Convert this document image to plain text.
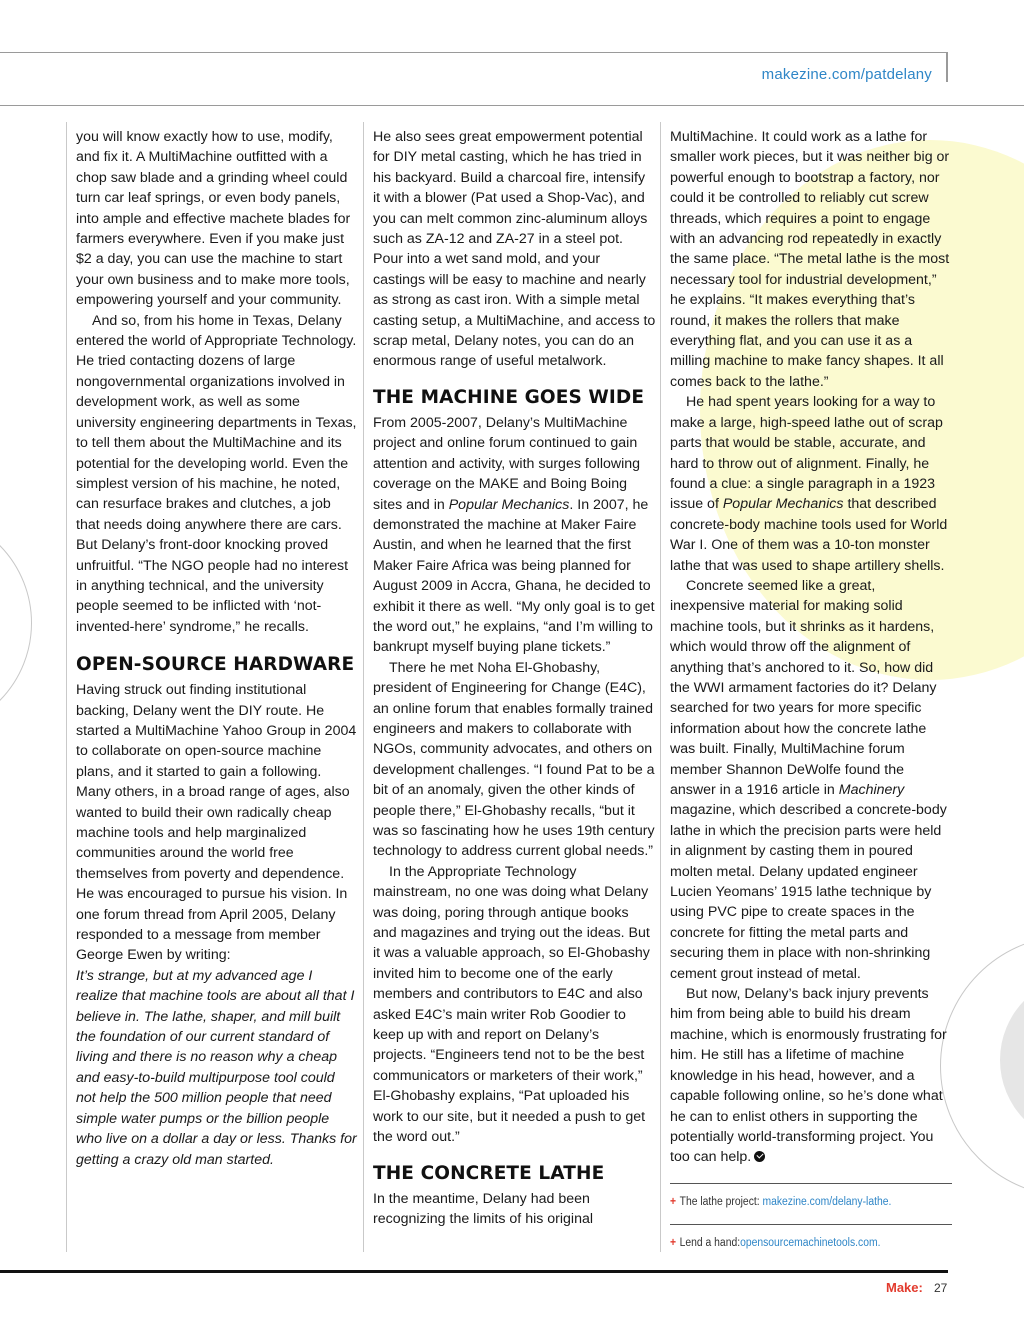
makezine.com/patdelany

you will know exactly how to use, modify, and fix it. A MultiMachine outfitted with a chop saw blade and a grinding wheel could turn car leaf springs, or even body panels, into ample and effective machete blades for farmers everywhere. Even if you make just $2 a day, you can use the machine to start your own business and to make more tools, empowering yourself and your community.

And so, from his home in Texas, Delany entered the world of Appropriate Technology. He tried contacting dozens of large nongovernmental organizations involved in development work, as well as some university engineering departments in Texas, to tell them about the MultiMachine and its potential for the developing world. Even the simplest version of his machine, he noted, can resurface brakes and clutches, a job that needs doing anywhere there are cars. But Delany’s front-door knocking proved unfruitful. “The NGO people had no interest in anything technical, and the university people seemed to be inflicted with ‘not-invented-here’ syndrome,” he recalls.

OPEN-SOURCE HARDWARE

Having struck out finding institutional backing, Delany went the DIY route. He started a MultiMachine Yahoo Group in 2004 to collaborate on open-source machine plans, and it started to gain a following. Many others, in a broad range of ages, also wanted to build their own radically cheap machine tools and help marginalized communities around the world free themselves from poverty and dependence. He was encouraged to pursue his vision. In one forum thread from April 2005, Delany responded to a message from member George Ewen by writing:

It’s strange, but at my advanced age I realize that machine tools are about all that I believe in. The lathe, shaper, and mill built the foundation of our current standard of living and there is no reason why a cheap and easy-to-build multipurpose tool could not help the 500 million people that need simple water pumps or the billion people who live on a dollar a day or less. Thanks for getting a crazy old man started.

He also sees great empowerment potential for DIY metal casting, which he has tried in his backyard. Build a charcoal fire, intensify it with a blower (Pat used a Shop-Vac), and you can melt common zinc-aluminum alloys such as ZA-12 and ZA-27 in a steel pot. Pour into a wet sand mold, and your castings will be easy to machine and nearly as strong as cast iron. With a simple metal casting setup, a MultiMachine, and access to scrap metal, Delany notes, you can do an enormous range of useful metalwork.

THE MACHINE GOES WIDE

From 2005-2007, Delany’s MultiMachine project and online forum continued to gain attention and activity, with surges following coverage on the MAKE and Boing Boing sites and in Popular Mechanics. In 2007, he demonstrated the machine at Maker Faire Austin, and when he learned that the first Maker Faire Africa was being planned for August 2009 in Accra, Ghana, he decided to exhibit it there as well. “My only goal is to get the word out,” he explains, “and I’m willing to bankrupt myself buying plane tickets.”

There he met Noha El-Ghobashy, president of Engineering for Change (E4C), an online forum that enables formally trained engineers and makers to collaborate with NGOs, community advocates, and others on development challenges. “I found Pat to be a bit of an anomaly, given the other kinds of people there,” El-Ghobashy recalls, “but it was so fascinating how he uses 19th century technology to address current global needs.”

In the Appropriate Technology mainstream, no one was doing what Delany was doing, poring through antique books and magazines and trying out the ideas. But it was a valuable approach, so El-Ghobashy invited him to become one of the early members and contributors to E4C and also asked E4C’s main writer Rob Goodier to keep up with and report on Delany’s projects. “Engineers tend not to be the best communicators or marketers of their work,” El-Ghobashy explains, “Pat uploaded his work to our site, but it needed a push to get the word out.”

THE CONCRETE LATHE

In the meantime, Delany had been recognizing the limits of his original

MultiMachine. It could work as a lathe for smaller work pieces, but it was neither big or powerful enough to bootstrap a factory, nor could it be controlled to reliably cut screw threads, which requires a point to engage with an advancing rod repeatedly in exactly the same place. “The metal lathe is the most necessary tool for industrial development,” he explains. “It makes everything that’s round, it makes the rollers that make everything flat, and you can use it as a milling machine to make fancy shapes. It all comes back to the lathe.”

He had spent years looking for a way to make a large, high-speed lathe out of scrap parts that would be stable, accurate, and hard to throw out of alignment. Finally, he found a clue: a single paragraph in a 1923 issue of Popular Mechanics that described concrete-body machine tools used for World War I. One of them was a 10-ton monster lathe that was used to shape artillery shells.

Concrete seemed like a great, inexpensive material for making solid machine tools, but it shrinks as it hardens, which would throw off the alignment of anything that’s anchored to it. So, how did the WWI armament factories do it? Delany searched for two years for more specific information about how the concrete lathe was built. Finally, MultiMachine forum member Shannon DeWolfe found the answer in a 1916 article in Machinery magazine, which described a concrete-body lathe in which the precision parts were held in alignment by casting them in poured molten metal. Delany updated engineer Lucien Yeomans’ 1915 lathe technique by using PVC pipe to create spaces in the concrete for fitting the metal parts and securing them in place with non-shrinking cement grout instead of metal.

But now, Delany’s back injury prevents him from being able to build his dream machine, which is enormously frustrating for him. He still has a lifetime of machine knowledge in his head, however, and a capable following online, so he’s done what he can to enlist others in supporting the potentially world-transforming project. You too can help.

+ The lathe project: makezine.com/delany-lathe.
+ Lend a hand:opensourcemachinetools.com.
Make: 27
